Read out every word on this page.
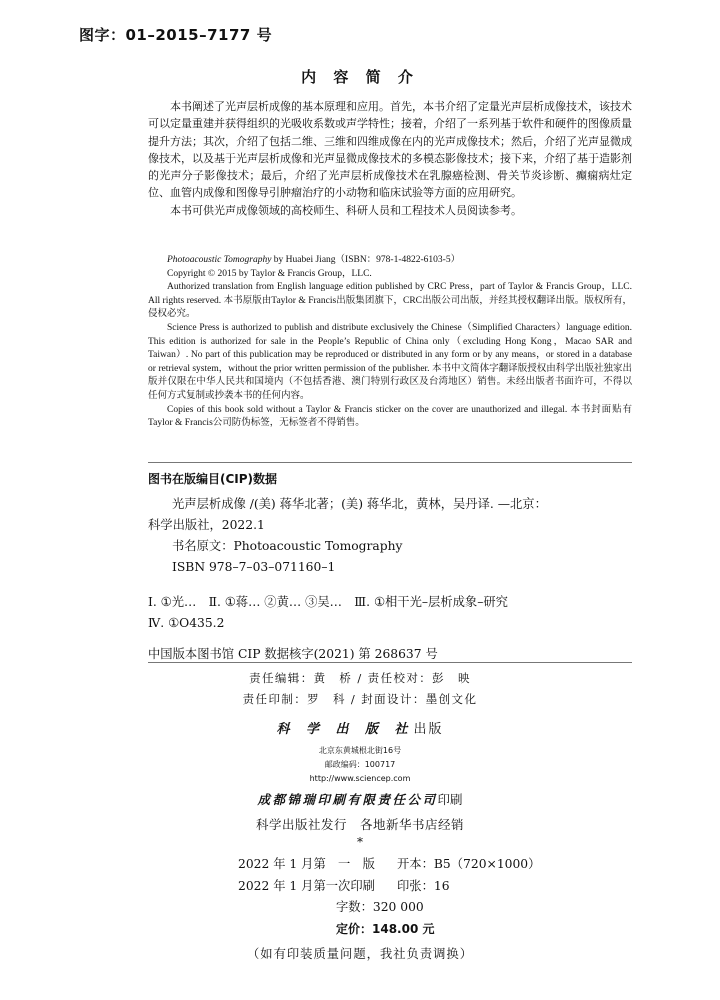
图字：01–2015–7177 号
内 容 简 介

本书阐述了光声层析成像的基本原理和应用。首先，本书介绍了定量光声层析成像技术，该技术可以定量重建并获得组织的光吸收系数或声学特性；接着，介绍了一系列基于软件和硬件的图像质量提升方法；其次，介绍了包括二维、三维和四维成像在内的光声成像技术；然后，介绍了光声显微成像技术，以及基于光声层析成像和光声显微成像技术的多模态影像技术；接下来，介绍了基于造影剂的光声分子影像技术；最后，介绍了光声层析成像技术在乳腺癌检测、骨关节炎诊断、癫痫病灶定位、血管内成像和图像导引肿瘤治疗的小动物和临床试验等方面的应用研究。

本书可供光声成像领域的高校师生、科研人员和工程技术人员阅读参考。

Photoacoustic Tomography by Huabei Jiang（ISBN：978-1-4822-6103-5）

Copyright © 2015 by Taylor & Francis Group，LLC.

Authorized translation from English language edition published by CRC Press，part of Taylor & Francis Group，LLC. All rights reserved. 本书原版由Taylor & Francis出版集团旗下，CRC出版公司出版，并经其授权翻译出版。版权所有，侵权必究。

Science Press is authorized to publish and distribute exclusively the Chinese（Simplified Characters）language edition. This edition is authorized for sale in the People’s Republic of China only（excluding Hong Kong，Macao SAR and Taiwan）. No part of this publication may be reproduced or distributed in any form or by any means，or stored in a database or retrieval system，without the prior written permission of the publisher. 本书中文简体字翻译版授权由科学出版社独家出版并仅限在中华人民共和国境内（不包括香港、澳门特别行政区及台湾地区）销售。未经出版者书面许可，不得以任何方式复制或抄袭本书的任何内容。

Copies of this book sold without a Taylor & Francis sticker on the cover are unauthorized and illegal. 本书封面贴有Taylor & Francis公司防伪标签，无标签者不得销售。

图书在版编目(CIP)数据

光声层析成像 /(美) 蒋华北著；(美) 蒋华北，黄林，吴丹译. —北京：

科学出版社，2022.1

书名原文：Photoacoustic Tomography

ISBN 978–7–03–071160–1

Ⅰ. ①光…　Ⅱ. ①蒋… ②黄… ③吴…　Ⅲ. ①相干光–层析成象–研究

Ⅳ. ①O435.2

中国版本图书馆 CIP 数据核字(2021) 第 268637 号

责任编辑：黄　桥 / 责任校对：彭　映

责任印制：罗　科 / 封面设计：墨创文化

科 学 出 版 社出版

北京东黄城根北街16号

邮政编码：100717

http://www.sciencep.com

成都锦瑞印刷有限责任公司印刷
科学出版社发行　各地新华书店经销
*
2022 年 1 月第　一　版 开本：B5（720×1000）
2022 年 1 月第一次印刷 印张：16
字数：320 000
定价：148.00 元
（如有印装质量问题，我社负责调换）
